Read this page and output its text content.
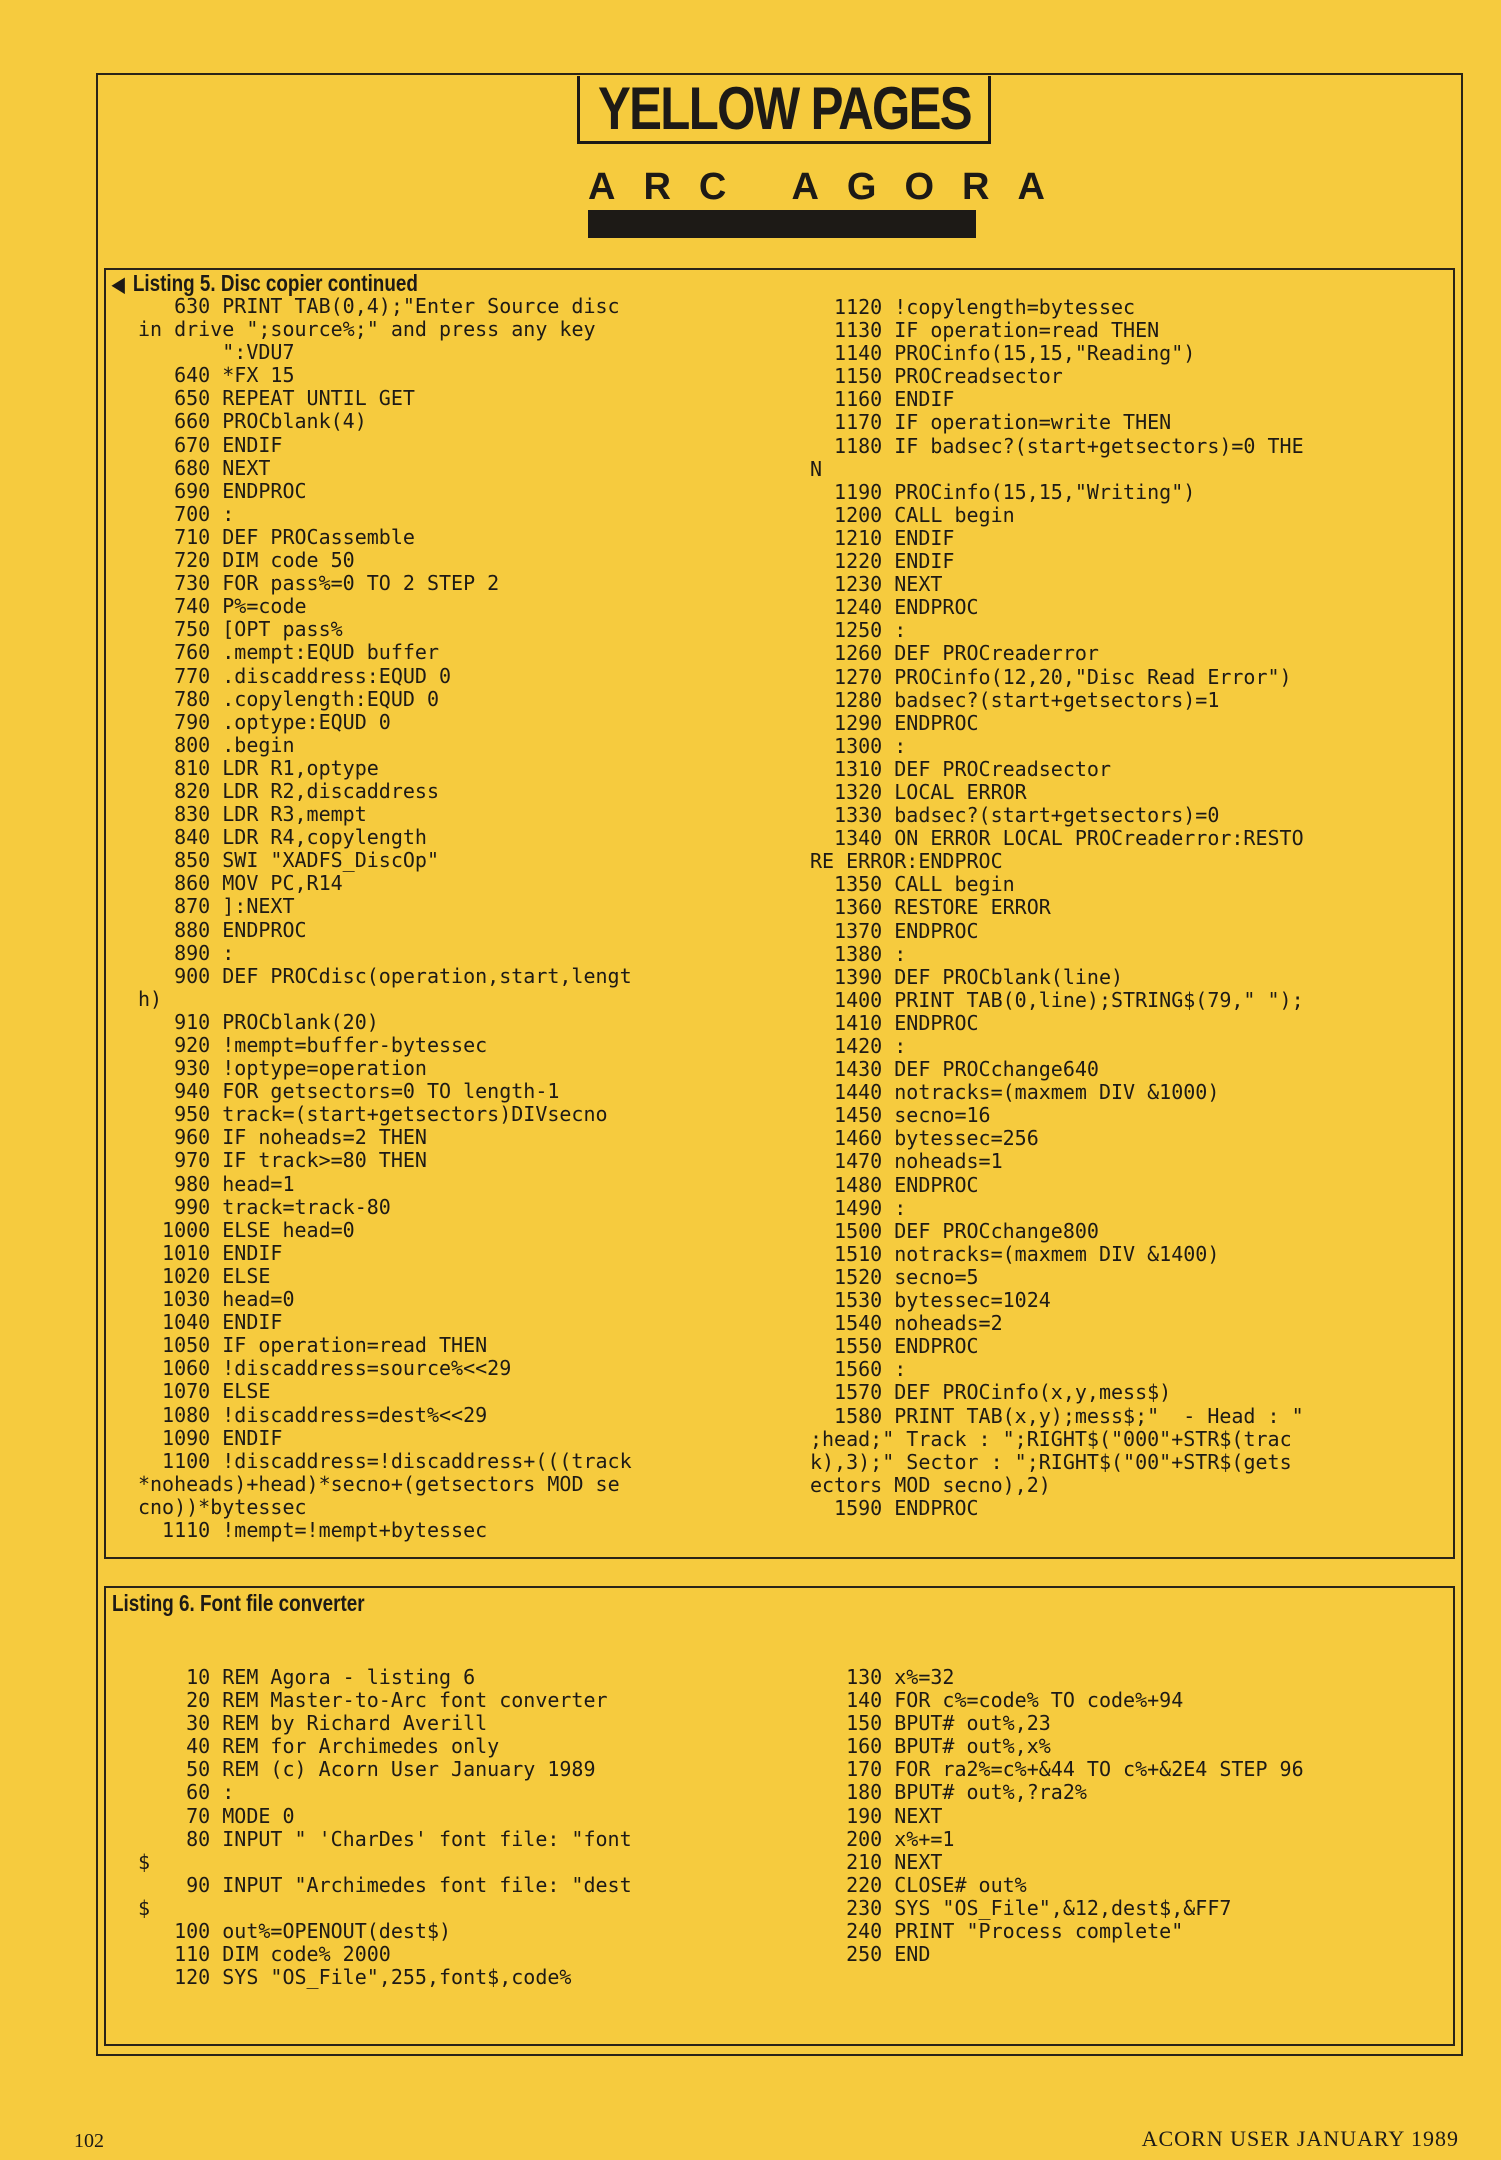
YELLOW PAGES
ARC AGORA
◀ Listing 5. Disc copier continued
630 PRINT TAB(0,4);"Enter Source disc
in drive ";source%;" and press any key
":VDU7
640 *FX 15
650 REPEAT UNTIL GET
660 PROCblank(4)
670 ENDIF
680 NEXT
690 ENDPROC
700 :
710 DEF PROCassemble
720 DIM code 50
730 FOR pass%=0 TO 2 STEP 2
740 P%=code
750 [OPT pass%
760 .mempt:EQUD buffer
770 .discaddress:EQUD 0
780 .copylength:EQUD 0
790 .optype:EQUD 0
800 .begin
810 LDR R1,optype
820 LDR R2,discaddress
830 LDR R3,mempt
840 LDR R4,copylength
850 SWI "XADFS_DiscOp"
860 MOV PC,R14
870 ]:NEXT
880 ENDPROC
890 :
900 DEF PROCdisc(operation,start,lengt
h)
910 PROCblank(20)
920 !mempt=buffer-bytessec
930 !optype=operation
940 FOR getsectors=0 TO length-1
950 track=(start+getsectors)DIVsecno
960 IF noheads=2 THEN
970 IF track>=80 THEN
980 head=1
990 track=track-80
1000 ELSE head=0
1010 ENDIF
1020 ELSE
1030 head=0
1040 ENDIF
1050 IF operation=read THEN
1060 !discaddress=source%<<29
1070 ELSE
1080 !discaddress=dest%<<29
1090 ENDIF
1100 !discaddress=!discaddress+(((track
*noheads)+head)*secno+(getsectors MOD se
cno))*bytessec
1110 !mempt=!mempt+bytessec
1120 !copylength=bytessec
1130 IF operation=read THEN
1140 PROCinfo(15,15,"Reading")
1150 PROCreadsector
1160 ENDIF
1170 IF operation=write THEN
1180 IF badsec?(start+getsectors)=0 THE
N
1190 PROCinfo(15,15,"Writing")
1200 CALL begin
1210 ENDIF
1220 ENDIF
1230 NEXT
1240 ENDPROC
1250 :
1260 DEF PROCreaderror
1270 PROCinfo(12,20,"Disc Read Error")
1280 badsec?(start+getsectors)=1
1290 ENDPROC
1300 :
1310 DEF PROCreadsector
1320 LOCAL ERROR
1330 badsec?(start+getsectors)=0
1340 ON ERROR LOCAL PROCreaderror:RESTO
RE ERROR:ENDPROC
1350 CALL begin
1360 RESTORE ERROR
1370 ENDPROC
1380 :
1390 DEF PROCblank(line)
1400 PRINT TAB(0,line);STRING$(79," ");
1410 ENDPROC
1420 :
1430 DEF PROCchange640
1440 notracks=(maxmem DIV &1000)
1450 secno=16
1460 bytessec=256
1470 noheads=1
1480 ENDPROC
1490 :
1500 DEF PROCchange800
1510 notracks=(maxmem DIV &1400)
1520 secno=5
1530 bytessec=1024
1540 noheads=2
1550 ENDPROC
1560 :
1570 DEF PROCinfo(x,y,mess$)
1580 PRINT TAB(x,y);mess$;"  - Head : "
;head;" Track : ";RIGHT$("000"+STR$(trac
k),3);" Sector : ";RIGHT$("00"+STR$(gets
ectors MOD secno),2)
1590 ENDPROC
Listing 6. Font file converter
10 REM Agora - listing 6
20 REM Master-to-Arc font converter
30 REM by Richard Averill
40 REM for Archimedes only
50 REM (c) Acorn User January 1989
60 :
70 MODE 0
80 INPUT " 'CharDes' font file: "font
$
90 INPUT "Archimedes font file: "dest
$
100 out%=OPENOUT(dest$)
110 DIM code% 2000
120 SYS "OS_File",255,font$,code%
130 x%=32
140 FOR c%=code% TO code%+94
150 BPUT# out%,23
160 BPUT# out%,x%
170 FOR ra2%=c%+&44 TO c%+&2E4 STEP 96
180 BPUT# out%,?ra2%
190 NEXT
200 x%+=1
210 NEXT
220 CLOSE# out%
230 SYS "OS_File",&12,dest$,&FF7
240 PRINT "Process complete"
250 END
102	ACORN USER JANUARY 1989
